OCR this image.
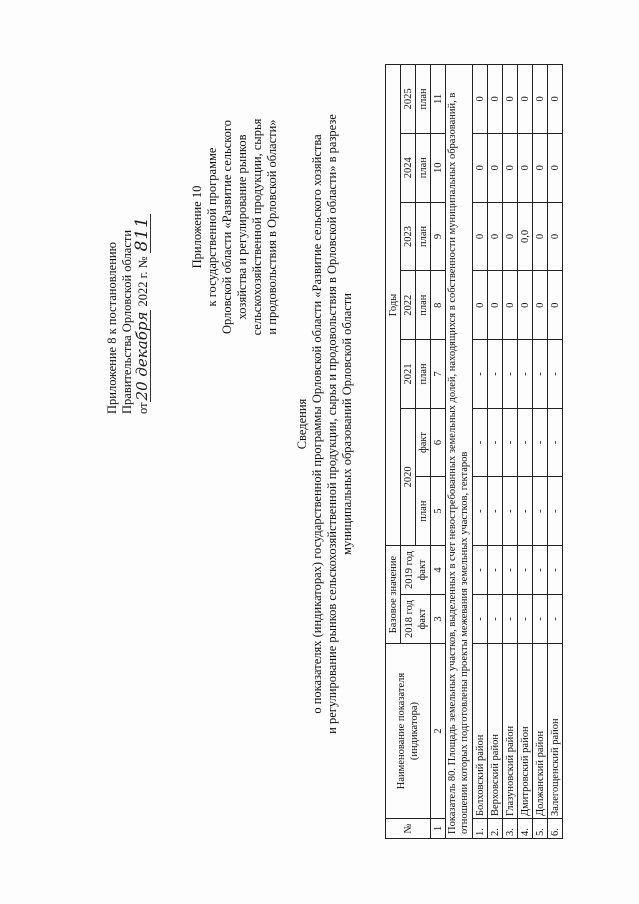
Приложение 8 к постановлению Правительства Орловской области от20 декабря 2022 г. № 811	Приложение 10 к государственной программе Орловской области «Развитие сельского хозяйства и регулирование рынков сельскохозяйственной продукции, сырья и продовольствия в Орловской области»
Сведения о показателях (индикаторах) государственной программы Орловской области «Развитие сельского хозяйства и регулирование рынков сельскохозяйственной продукции, сырья и продовольствия в Орловской области» в разрезе муниципальных образований Орловской области
№	Наименование показателя (индикатора)	Базовое значение		Годы						
		2018 год факт	2019 год факт	2020		2021	2022	2023	2024	2025
				план	факт	план	план	план	план	план
1	2	3	4	5	6	7	8	9	10	11
Показатель 80. Площадь земельных участков, выделенных в счет невостребованных земельных долей, находящихся в собственности муниципальных образований, в отношении которых подготовлены проекты межевания земельных участков, гектаров										
1.	Болховский район	-	-	-	-	-	0	0	0	0
2.	Верховский район	-	-	-	-	-	0	0	0	0
3.	Глазуновский район	-	-	-	-	-	0	0	0	0
4.	Дмитровский район	-	-	-	-	-	0	0,0	0	0
5.	Должанский район	-	-	-	-	-	0	0	0	0
6.	Залегощенский район	-	-	-	-	-	0	0	0	0
